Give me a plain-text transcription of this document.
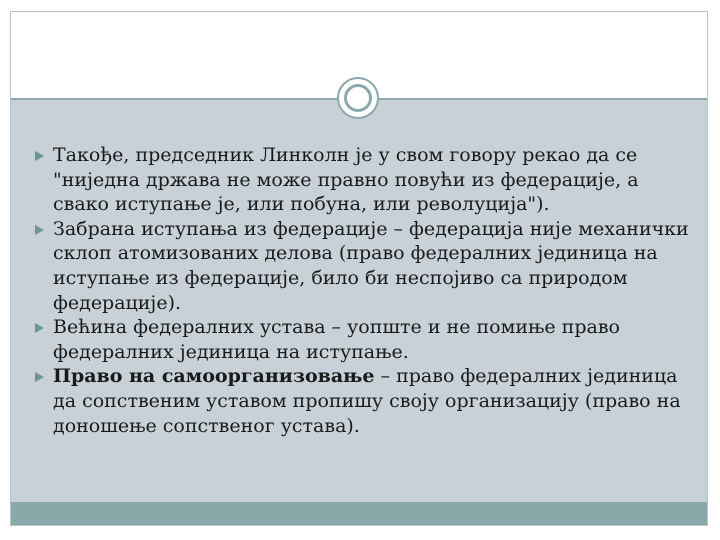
Такође, председник Линколн је у свом говору рекао да се "ниједна држава не може правно повући из федерације, а свако иступање је, или побуна, или револуција").
Забрана иступања из федерације – федерација није механички склоп атомизованих делова (право федералних јединица на иступање из федерације, било би неспојиво са природом федерације).
Већина федералних устава – уопште и не помиње право федералних јединица на иступање.
Право на самоорганизовање – право федералних јединица да сопственим уставом пропишу своју организацију (право на доношење сопственог устава).
